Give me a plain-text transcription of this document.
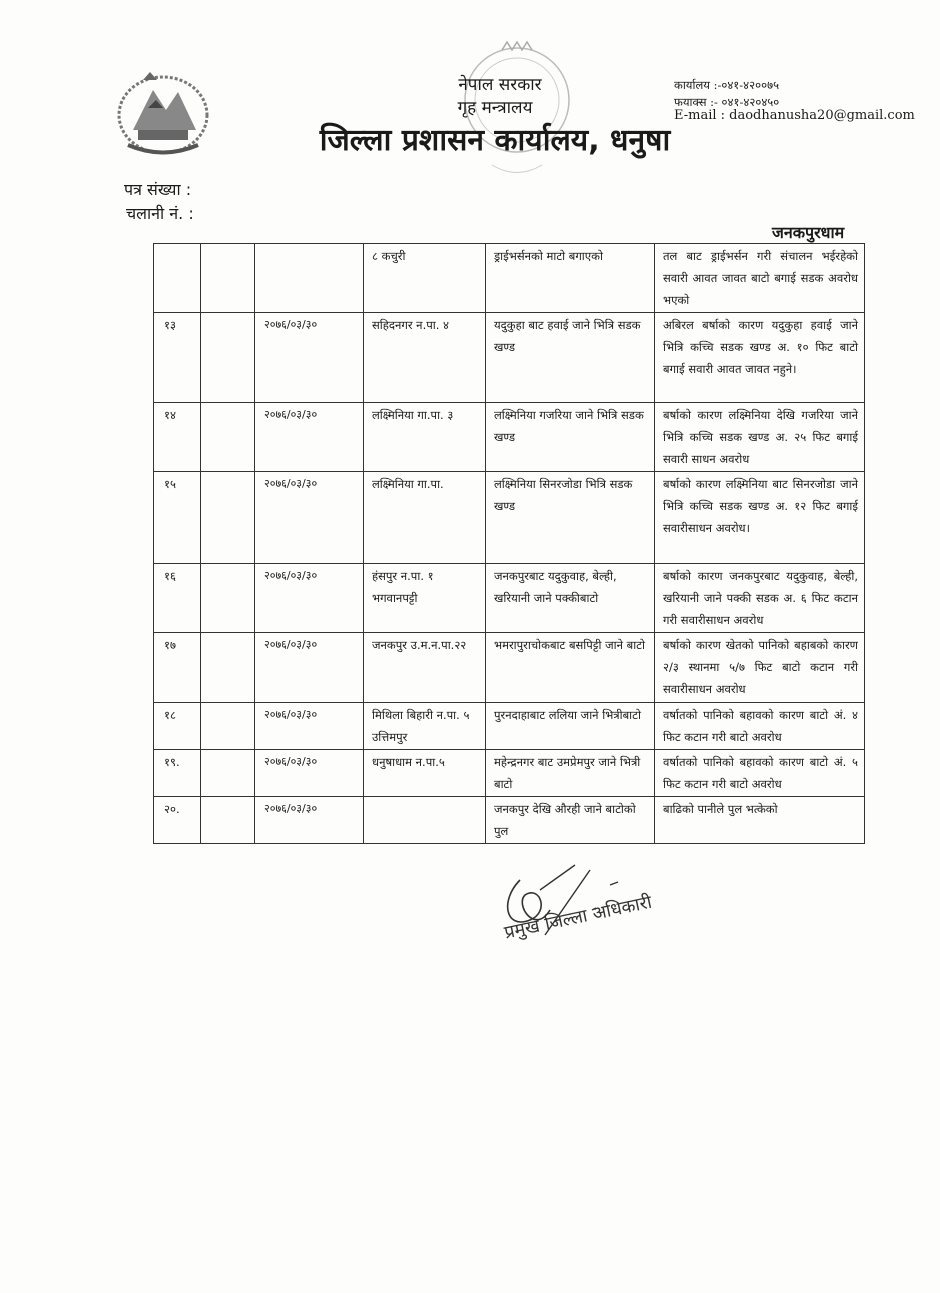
नेपाल सरकार
गृह मन्त्रालय
जिल्ला प्रशासन कार्यालय, धनुषा
कार्यालय :-०४१-४२००७५
फयाक्स :- ०४१-४२०४५०
E-mail : daodhanusha20@gmail.com
पत्र संख्या :
चलानी नं. :
जनकपुरधाम
			८ कचुरी	ड्राईभर्सनको माटो बगाएको	तल बाट ड्राईभर्सन गरी संचालन भईरहेको सवारी आवत जावत बाटो बगाई सडक अवरोध भएको
१३		२०७६/०३/३०	सहिदनगर न.पा. ४	यदुकुहा बाट हवाई जाने भित्रि सडक खण्ड	अबिरल बर्षाको कारण यदुकुहा हवाई जाने भित्रि कच्चि सडक खण्ड अ. १० फिट बाटो बगाई सवारी आवत जावत नहुने।
१४		२०७६/०३/३०	लक्ष्मिनिया गा.पा. ३	लक्ष्मिनिया गजरिया जाने भित्रि सडक खण्ड	बर्षाको कारण लक्ष्मिनिया देखि गजरिया जाने भित्रि कच्चि सडक खण्ड अ. २५ फिट बगाई सवारी साधन अवरोध
१५		२०७६/०३/३०	लक्ष्मिनिया गा.पा.	लक्ष्मिनिया सिनरजोडा भित्रि सडक खण्ड	बर्षाको कारण लक्ष्मिनिया बाट सिनरजोडा जाने भित्रि कच्चि सडक खण्ड अ. १२ फिट बगाई सवारीसाधन अवरोध।
१६		२०७६/०३/३०	हंसपुर न.पा. १ भगवानपट्टी	जनकपुरबाट यदुकुवाह, बेल्ही, खरियानी जाने पक्कीबाटो	बर्षाको कारण जनकपुरबाट यदुकुवाह, बेल्ही, खरियानी जाने पक्की सडक अ. ६ फिट कटान गरी सवारीसाधन अवरोध
१७		२०७६/०३/३०	जनकपुर उ.म.न.पा.२२	भमरापुराचोकबाट बसपिट्टी जाने बाटो	बर्षाको कारण खेतको पानिको बहाबको कारण २/३ स्थानमा ५/७ फिट बाटो कटान गरी सवारीसाधन अवरोध
१८		२०७६/०३/३०	मिथिला बिहारी न.पा. ५ उत्तिमपुर	पुरनदाहाबाट ललिया जाने भित्रीबाटो	वर्षातको पानिको बहावको कारण बाटो अं. ४ फिट कटान गरी बाटो अवरोध
१९.		२०७६/०३/३०	धनुषाधाम न.पा.५	महेन्द्रनगर बाट उमप्रेमपुर जाने भित्री बाटो	वर्षातको पानिको बहावको कारण बाटो अं. ५ फिट कटान गरी बाटो अवरोध
२०.		२०७६/०३/३०		जनकपुर देखि औरही जाने बाटोको पुल	बाढिको पानीले पुल भत्केको
प्रमुख जिल्ला अधिकारी
